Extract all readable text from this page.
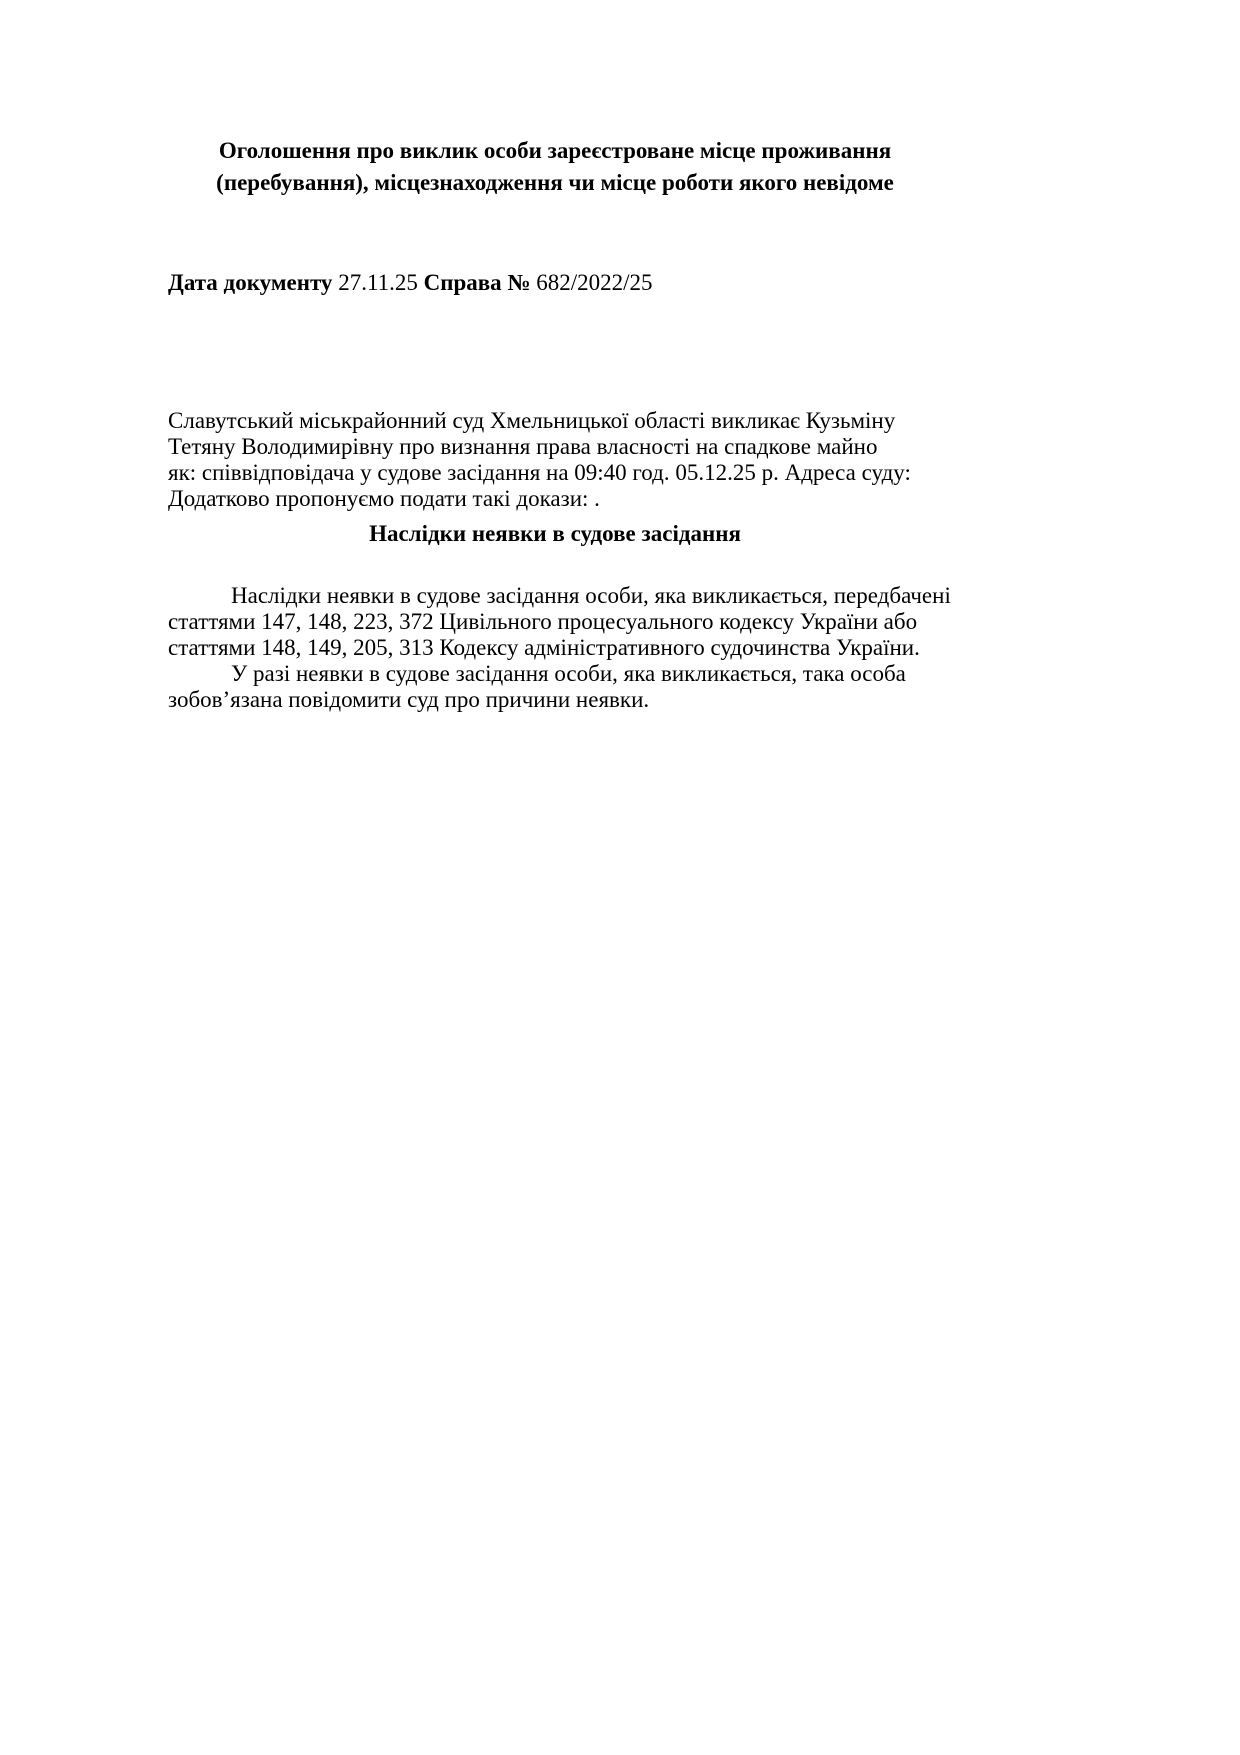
Оголошення про виклик особи зареєстроване місце проживання
(перебування), місцезнаходження чи місце роботи якого невідоме

Дата документу 27.11.25 Справа № 682/2022/25

Славутський міськрайонний суд Хмельницької області викликає Кузьміну
Тетяну Володимирівну про визнання права власності на спадкове майно
як: співвідповідача у судове засідання на 09:40 год. 05.12.25 р. Адреса суду:
Додатково пропонуємо подати такі докази: .

Наслідки неявки в судове засідання

Наслідки неявки в судове засідання особи, яка викликається, передбачені
статтями 147, 148, 223, 372 Цивільного процесуального кодексу України або
статтями 148, 149, 205, 313 Кодексу адміністративного судочинства України.
У разі неявки в судове засідання особи, яка викликається, така особа
зобов’язана повідомити суд про причини неявки.
